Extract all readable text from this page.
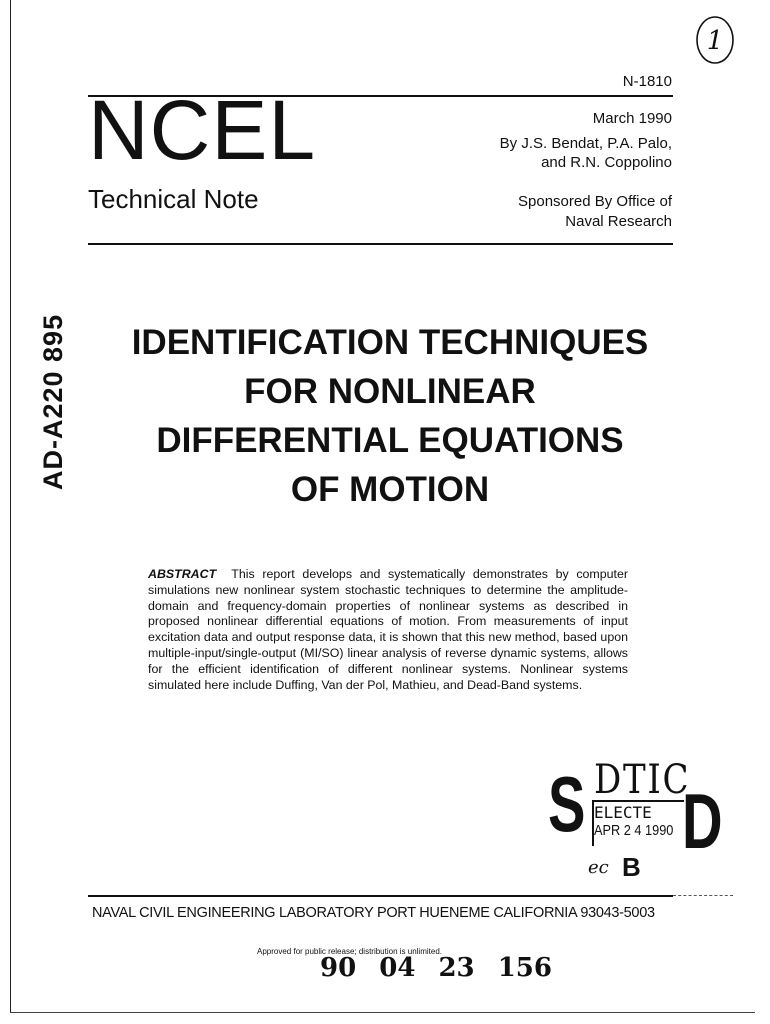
1
N-1810
NCEL
Technical Note
March 1990
By J.S. Bendat, P.A. Palo,
and R.N. Coppolino
Sponsored By Office of
Naval Research
AD-A220 895	IDENTIFICATION TECHNIQUES
FOR NONLINEAR
DIFFERENTIAL EQUATIONS
OF MOTION
ABSTRACT This report develops and systematically demonstrates by computer simulations new nonlinear system stochastic techniques to determine the amplitude-domain and frequency-domain properties of nonlinear systems as described in proposed nonlinear differential equations of motion. From measurements of input excitation data and output response data, it is shown that this new method, based upon multiple-input/single-output (MI/SO) linear analysis of reverse dynamic systems, allows for the efficient identification of different nonlinear systems. Nonlinear systems simulated here include Duffing, Van der Pol, Mathieu, and Dead-Band systems.
S DTIC
ELECTE
APR 2 4 1990 D
ec B
NAVAL CIVIL ENGINEERING LABORATORY PORT HUENEME CALIFORNIA 93043-5003
Approved for public release; distribution is unlimited.
90 04 23 156
